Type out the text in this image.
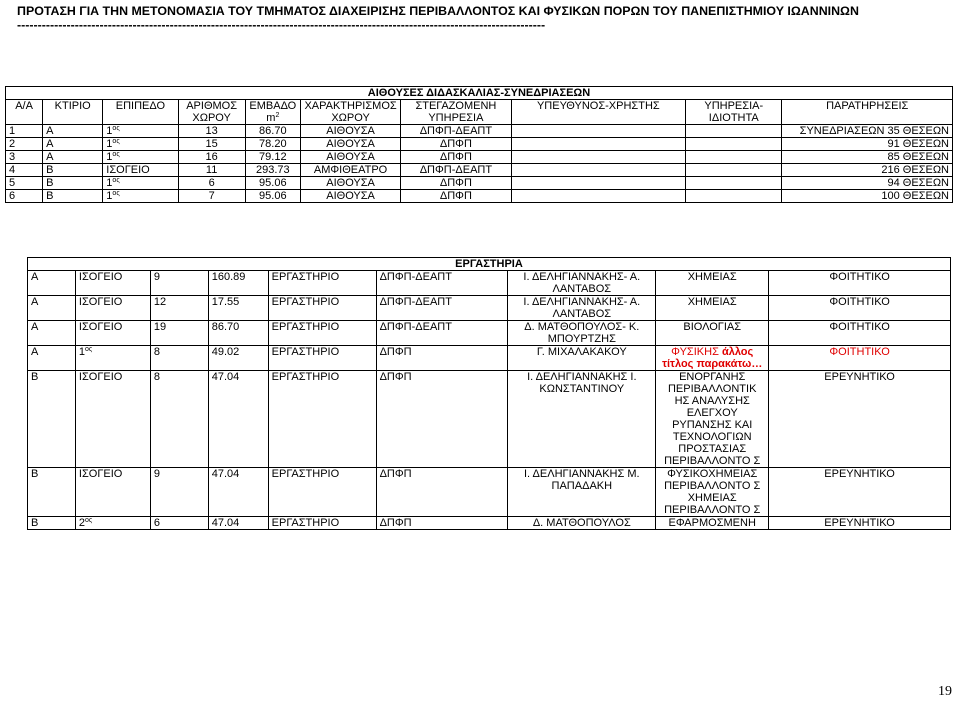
ΠΡΟΤΑΣΗ ΓΙΑ ΤΗΝ ΜΕΤΟΝΟΜΑΣΙΑ ΤΟΥ ΤΜΗΜΑΤΟΣ ΔΙΑΧΕΙΡΙΣΗΣ ΠΕΡΙΒΑΛΛΟΝΤΟΣ ΚΑΙ ΦΥΣΙΚΩΝ ΠΟΡΩΝ ΤΟΥ ΠΑΝΕΠΙΣΤΗΜΙΟΥ ΙΩΑΝΝΙΝΩΝ
--------------------------------------------------------------------------------------------------------------------------------
ΑΙΘΟΥΣΕΣ ΔΙΔΑΣΚΑΛΙΑΣ-ΣΥΝΕΔΡΙΑΣΕΩΝ									
Α/Α	ΚΤΙΡΙΟ	ΕΠΙΠΕΔΟ	ΑΡΙΘΜΟΣ ΧΩΡΟΥ	ΕΜΒΑΔΟ $m^2$	ΧΑΡΑΚΤΗΡΙΣΜΟΣ ΧΩΡΟΥ	ΣΤΕΓΑΖΟΜΕΝΗ ΥΠΗΡΕΣΙΑ	ΥΠΕΥΘΥΝΟΣ-ΧΡΗΣΤΗΣ	ΥΠΗΡΕΣΙΑ-ΙΔΙΟΤΗΤΑ	ΠΑΡΑΤΗΡΗΣΕΙΣ
1	Α	$1^{o\varsigma}$	13	86.70	ΑΙΘΟΥΣΑ	ΔΠΦΠ-ΔΕΑΠΤ			ΣΥΝΕΔΡΙΑΣΕΩΝ 35 ΘΕΣΕΩΝ
2	Α	$1^{o\varsigma}$	15	78.20	ΑΙΘΟΥΣΑ	ΔΠΦΠ			91 ΘΕΣΕΩΝ
3	Α	$1^{o\varsigma}$	16	79.12	ΑΙΘΟΥΣΑ	ΔΠΦΠ			85 ΘΕΣΕΩΝ
4	Β	ΙΣΟΓΕΙΟ	11	293.73	ΑΜΦΙΘΕΑΤΡΟ	ΔΠΦΠ-ΔΕΑΠΤ			216 ΘΕΣΕΩΝ
5	Β	$1^{o\varsigma}$	6	95.06	ΑΙΘΟΥΣΑ	ΔΠΦΠ			94 ΘΕΣΕΩΝ
6	Β	$1^{o\varsigma}$	7	95.06	ΑΙΘΟΥΣΑ	ΔΠΦΠ			100 ΘΕΣΕΩΝ
ΕΡΓΑΣΤΗΡΙΑ								
Α	ΙΣΟΓΕΙΟ	9	160.89	ΕΡΓΑΣΤΗΡΙΟ	ΔΠΦΠ-ΔΕΑΠΤ	Ι. ΔΕΛΗΓΙΑΝΝΑΚΗΣ- Α. ΛΑΝΤΑΒΟΣ	ΧΗΜΕΙΑΣ	ΦΟΙΤΗΤΙΚΟ
Α	ΙΣΟΓΕΙΟ	12	17.55	ΕΡΓΑΣΤΗΡΙΟ	ΔΠΦΠ-ΔΕΑΠΤ	Ι. ΔΕΛΗΓΙΑΝΝΑΚΗΣ- Α. ΛΑΝΤΑΒΟΣ	ΧΗΜΕΙΑΣ	ΦΟΙΤΗΤΙΚΟ
Α	ΙΣΟΓΕΙΟ	19	86.70	ΕΡΓΑΣΤΗΡΙΟ	ΔΠΦΠ-ΔΕΑΠΤ	Δ. ΜΑΤΘΟΠΟΥΛΟΣ- Κ. ΜΠΟΥΡΤΖΗΣ	ΒΙΟΛΟΓΙΑΣ	ΦΟΙΤΗΤΙΚΟ
Α	$1^{o\varsigma}$	8	49.02	ΕΡΓΑΣΤΗΡΙΟ	ΔΠΦΠ	Γ. ΜΙΧΑΛΑΚΑΚΟΥ	ΦΥΣΙΚΗΣ άλλος τίτλος παρακάτω…	ΦΟΙΤΗΤΙΚΟ
Β	ΙΣΟΓΕΙΟ	8	47.04	ΕΡΓΑΣΤΗΡΙΟ	ΔΠΦΠ	Ι. ΔΕΛΗΓΙΑΝΝΑΚΗΣ Ι. ΚΩΝΣΤΑΝΤΙΝΟΥ	ΕΝΟΡΓΑΝΗΣ ΠΕΡΙΒΑΛΛΟΝΤΙΚ ΗΣ ΑΝΑΛΥΣΗΣ ΕΛΕΓΧΟΥ ΡΥΠΑΝΣΗΣ ΚΑΙ ΤΕΧΝΟΛΟΓΙΩΝ ΠΡΟΣΤΑΣΙΑΣ ΠΕΡΙΒΑΛΛΟΝΤΟ Σ	ΕΡΕΥΝΗΤΙΚΟ
Β	ΙΣΟΓΕΙΟ	9	47.04	ΕΡΓΑΣΤΗΡΙΟ	ΔΠΦΠ	Ι. ΔΕΛΗΓΙΑΝΝΑΚΗΣ Μ. ΠΑΠΑΔΑΚΗ	ΦΥΣΙΚΟΧΗΜΕΙΑΣ ΠΕΡΙΒΑΛΛΟΝΤΟ Σ ΧΗΜΕΙΑΣ ΠΕΡΙΒΑΛΛΟΝΤΟ Σ	ΕΡΕΥΝΗΤΙΚΟ
Β	$2^{o\varsigma}$	6	47.04	ΕΡΓΑΣΤΗΡΙΟ	ΔΠΦΠ	Δ. ΜΑΤΘΟΠΟΥΛΟΣ	ΕΦΑΡΜΟΣΜΕΝΗ	ΕΡΕΥΝΗΤΙΚΟ
19
